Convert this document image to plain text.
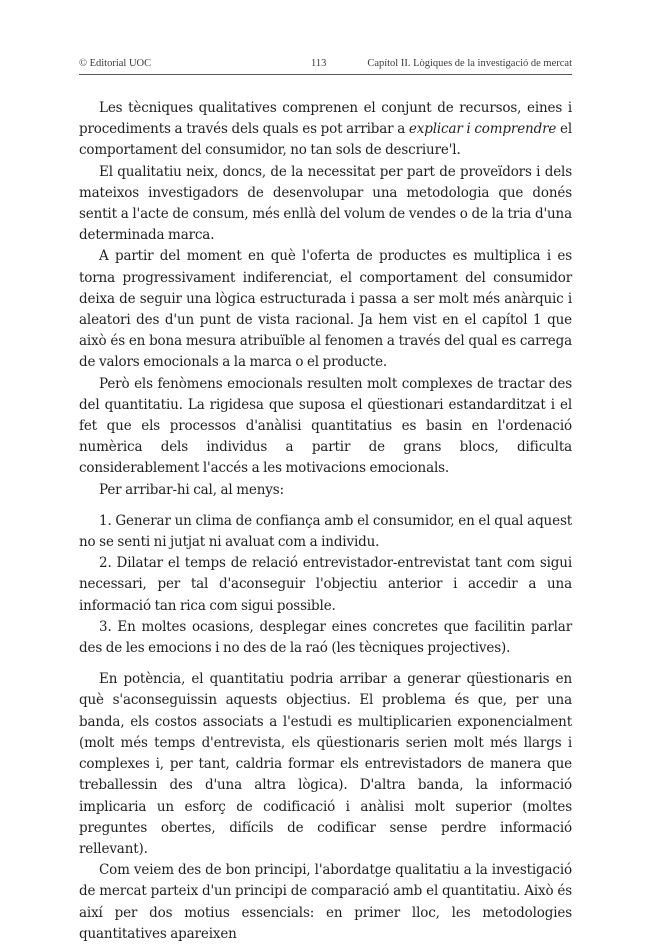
© Editorial UOC	113	Capítol II. Lògiques de la investigació de mercat

Les tècniques qualitatives comprenen el conjunt de recursos, eines i procediments a través dels quals es pot arribar a explicar i comprendre el comportament del consumidor, no tan sols de descriure'l.

El qualitatiu neix, doncs, de la necessitat per part de proveïdors i dels mateixos investigadors de desenvolupar una metodologia que donés sentit a l'acte de consum, més enllà del volum de vendes o de la tria d'una determinada marca.

A partir del moment en què l'oferta de productes es multiplica i es torna progressivament indiferenciat, el comportament del consumidor deixa de seguir una lògica estructurada i passa a ser molt més anàrquic i aleatori des d'un punt de vista racional. Ja hem vist en el capítol 1 que això és en bona mesura atribuïble al fenomen a través del qual es carrega de valors emocionals a la marca o el producte.

Però els fenòmens emocionals resulten molt complexes de tractar des del quantitatiu. La rigidesa que suposa el qüestionari estandarditzat i el fet que els processos d'anàlisi quantitatius es basin en l'ordenació numèrica dels individus a partir de grans blocs, dificulta considerablement l'accés a les motivacions emocionals.

Per arribar-hi cal, al menys:

1. Generar un clima de confiança amb el consumidor, en el qual aquest no se senti ni jutjat ni avaluat com a individu.

2. Dilatar el temps de relació entrevistador-entrevistat tant com sigui necessari, per tal d'aconseguir l'objectiu anterior i accedir a una informació tan rica com sigui possible.

3. En moltes ocasions, desplegar eines concretes que facilitin parlar des de les emocions i no des de la raó (les tècniques projectives).

En potència, el quantitatiu podria arribar a generar qüestionaris en què s'aconseguissin aquests objectius. El problema és que, per una banda, els costos associats a l'estudi es multiplicarien exponencialment (molt més temps d'entrevista, els qüestionaris serien molt més llargs i complexes i, per tant, caldria formar els entrevistadors de manera que treballessin des d'una altra lògica). D'altra banda, la informació implicaria un esforç de codificació i anàlisi molt superior (moltes preguntes obertes, difícils de codificar sense perdre informació rellevant).

Com veiem des de bon principi, l'abordatge qualitatiu a la investigació de mercat parteix d'un principi de comparació amb el quantitatiu. Això és així per dos motius essencials: en primer lloc, les metodologies quantitatives apareixen
